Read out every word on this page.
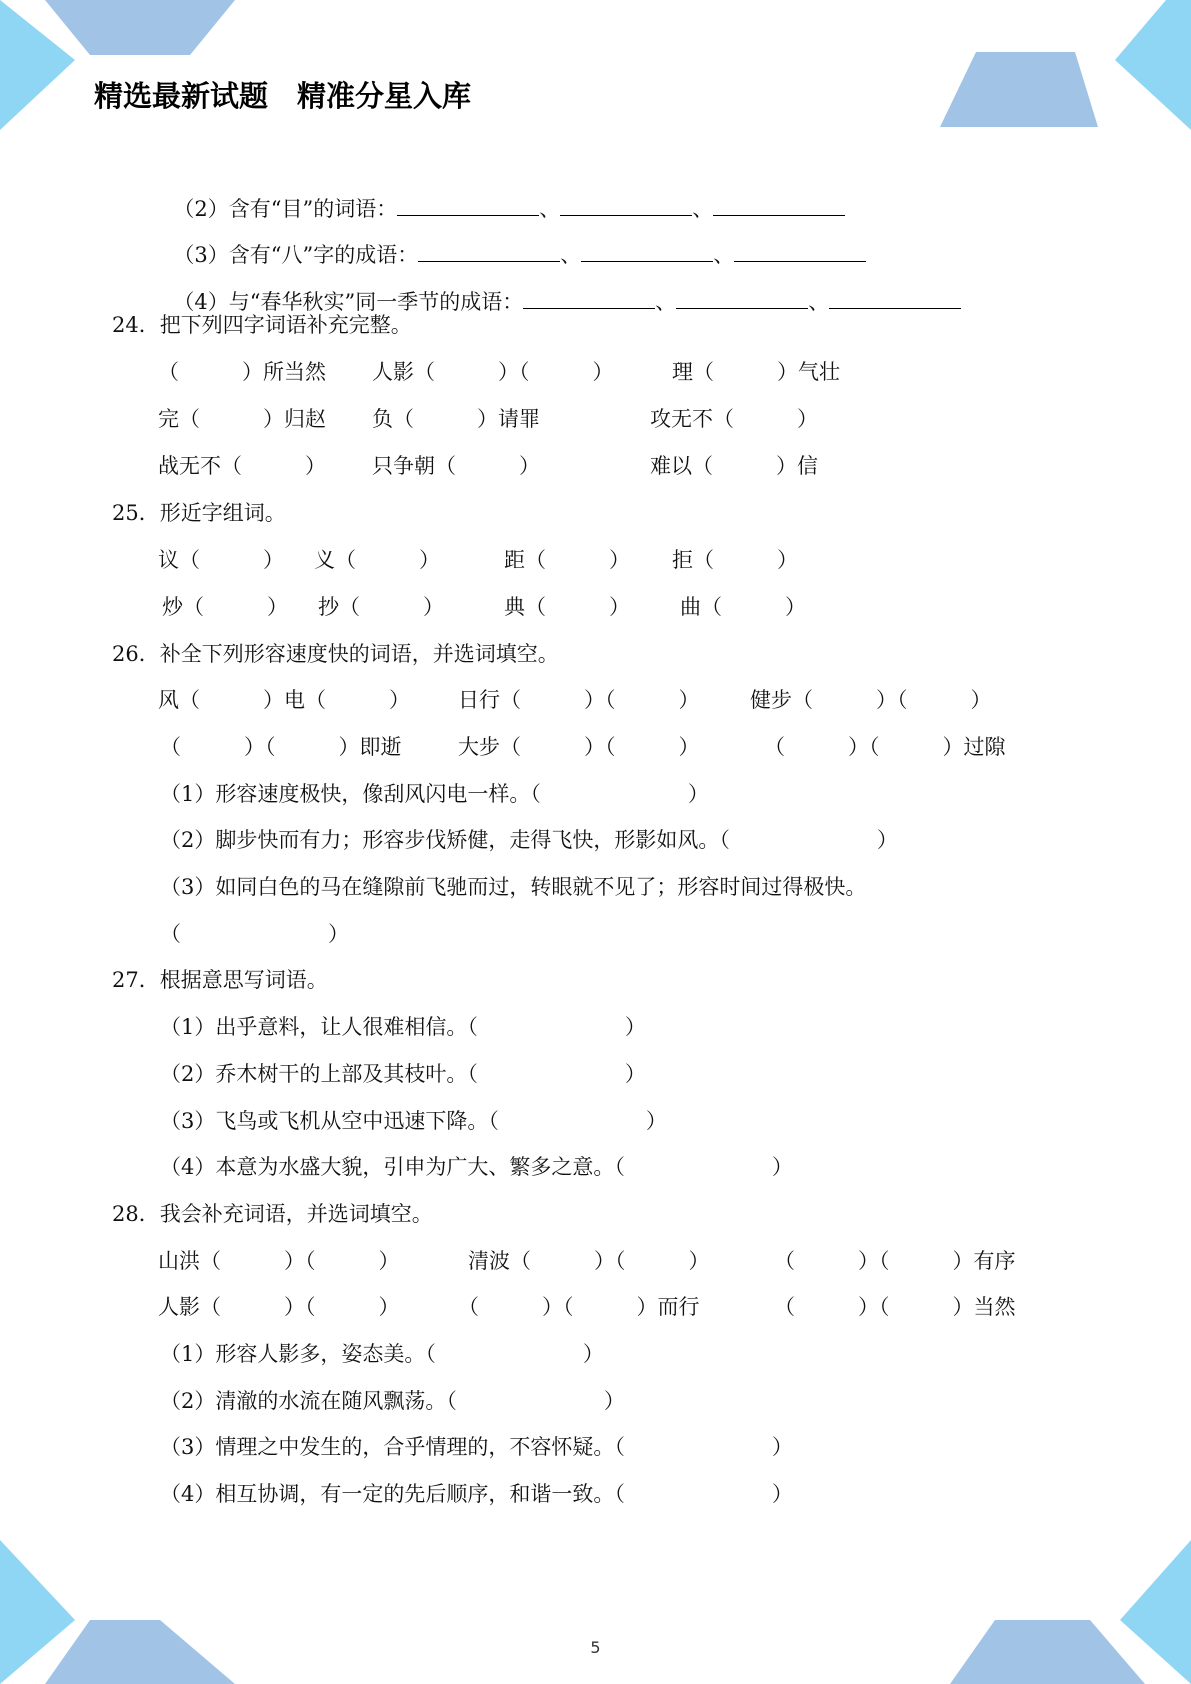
精选最新试题　精准分星入库

（2）含有“目”的词语：	、	、

（3）含有“八”字的成语：	、	、

（4）与“春华秋实”同一季节的成语：	、	、

24．把下列四字词语补充完整。
（　　　）所当然 人影（　　　）（　　　）	理（　　　）气壮
完（　　　）归赵 负（　　　）请罪	攻无不（　　　）
战无不（　　　） 只争朝（　　　）	难以（　　　）信
25．形近字组词。
议（　　　） 义（　　　）	距（　　　） 拒（　　　）
炒（　　　） 抄（　　　）	典（　　　） 曲（　　　）
26．补全下列形容速度快的词语，并选词填空。
风（　　　）电（　　　） 日行（　　　）（　　　） 健步（　　　）（　　　）
（　　　）（　　　）即逝	大步（　　　）（　　　）	（　　　）（　　　）过隙
（1）形容速度极快，像刮风闪电一样。（　　　　　　　）
（2）脚步快而有力；形容步伐矫健，走得飞快，形影如风。（　　　　　　　）
（3）如同白色的马在缝隙前飞驰而过，转眼就不见了；形容时间过得极快。
（　　　　　　　）
27．根据意思写词语。
（1）出乎意料，让人很难相信。（　　　　　　　）
（2）乔木树干的上部及其枝叶。（　　　　　　　）
（3）飞鸟或飞机从空中迅速下降。（　　　　　　　）
（4）本意为水盛大貌，引申为广大、繁多之意。（　　　　　　　）
28．我会补充词语，并选词填空。
山洪（　　　）（　　　）	清波（　　　）（　　　）	（　　　）（　　　）有序
人影（　　　）（　　　）	（　　　）（　　　）而行	（　　　）（　　　）当然
（1）形容人影多，姿态美。（　　　　　　　）
（2）清澈的水流在随风飘荡。（　　　　　　　）
（3）情理之中发生的，合乎情理的，不容怀疑。（　　　　　　　）
（4）相互协调，有一定的先后顺序，和谐一致。（　　　　　　　）
5
